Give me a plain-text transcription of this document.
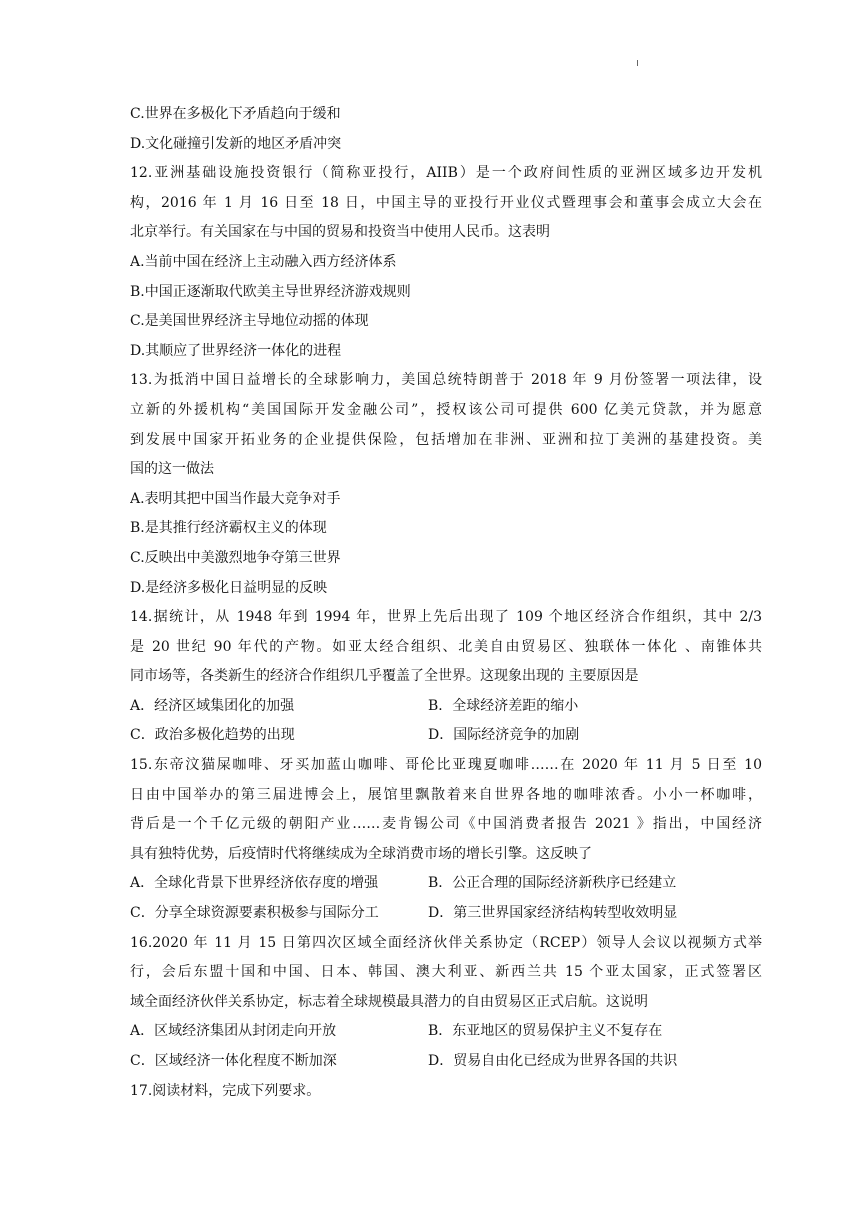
C.世界在多极化下矛盾趋向于缓和
D.文化碰撞引发新的地区矛盾冲突
12.亚洲基础设施投资银行（简称亚投行，AIIB）是一个政府间性质的亚洲区域多边开发机
构，2016 年 1 月 16 日至 18 日，中国主导的亚投行开业仪式暨理事会和董事会成立大会在
北京举行。有关国家在与中国的贸易和投资当中使用人民币。这表明
A.当前中国在经济上主动融入西方经济体系
B.中国正逐渐取代欧美主导世界经济游戏规则
C.是美国世界经济主导地位动摇的体现
D.其顺应了世界经济一体化的进程
13.为抵消中国日益增长的全球影响力，美国总统特朗普于 2018 年 9 月份签署一项法律，设
立新的外援机构“美国国际开发金融公司”，授权该公司可提供 600 亿美元贷款，并为愿意
到发展中国家开拓业务的企业提供保险，包括增加在非洲、亚洲和拉丁美洲的基建投资。美
国的这一做法
A.表明其把中国当作最大竞争对手
B.是其推行经济霸权主义的体现
C.反映出中美激烈地争夺第三世界
D.是经济多极化日益明显的反映
14.据统计，从 1948 年到 1994 年，世界上先后出现了 109 个地区经济合作组织，其中 2/3
是 20 世纪 90 年代的产物。如亚太经合组织、北美自由贸易区、独联体一体化 、南锥体共
同市场等，各类新生的经济合作组织几乎覆盖了全世界。这现象出现的 主要原因是
A．经济区域集团化的加强	B．全球经济差距的缩小
C．政治多极化趋势的出现	D．国际经济竞争的加剧
15.东帝汶猫屎咖啡、牙买加蓝山咖啡、哥伦比亚瑰夏咖啡……在 2020 年 11 月 5 日至 10
日由中国举办的第三届进博会上，展馆里飘散着来自世界各地的咖啡浓香。小小一杯咖啡，
背后是一个千亿元级的朝阳产业……麦肯锡公司《中国消费者报告 2021 》指出，中国经济
具有独特优势，后疫情时代将继续成为全球消费市场的增长引擎。这反映了
A．全球化背景下世界经济依存度的增强	B．公正合理的国际经济新秩序已经建立
C．分享全球资源要素积极参与国际分工	D．第三世界国家经济结构转型收效明显
16.2020 年 11 月 15 日第四次区域全面经济伙伴关系协定（RCEP）领导人会议以视频方式举
行，会后东盟十国和中国、日本、韩国、澳大利亚、新西兰共 15 个亚太国家，正式签署区
域全面经济伙伴关系协定，标志着全球规模最具潜力的自由贸易区正式启航。这说明
A．区域经济集团从封闭走向开放	B．东亚地区的贸易保护主义不复存在
C．区域经济一体化程度不断加深	D．贸易自由化已经成为世界各国的共识
17.阅读材料，完成下列要求。
